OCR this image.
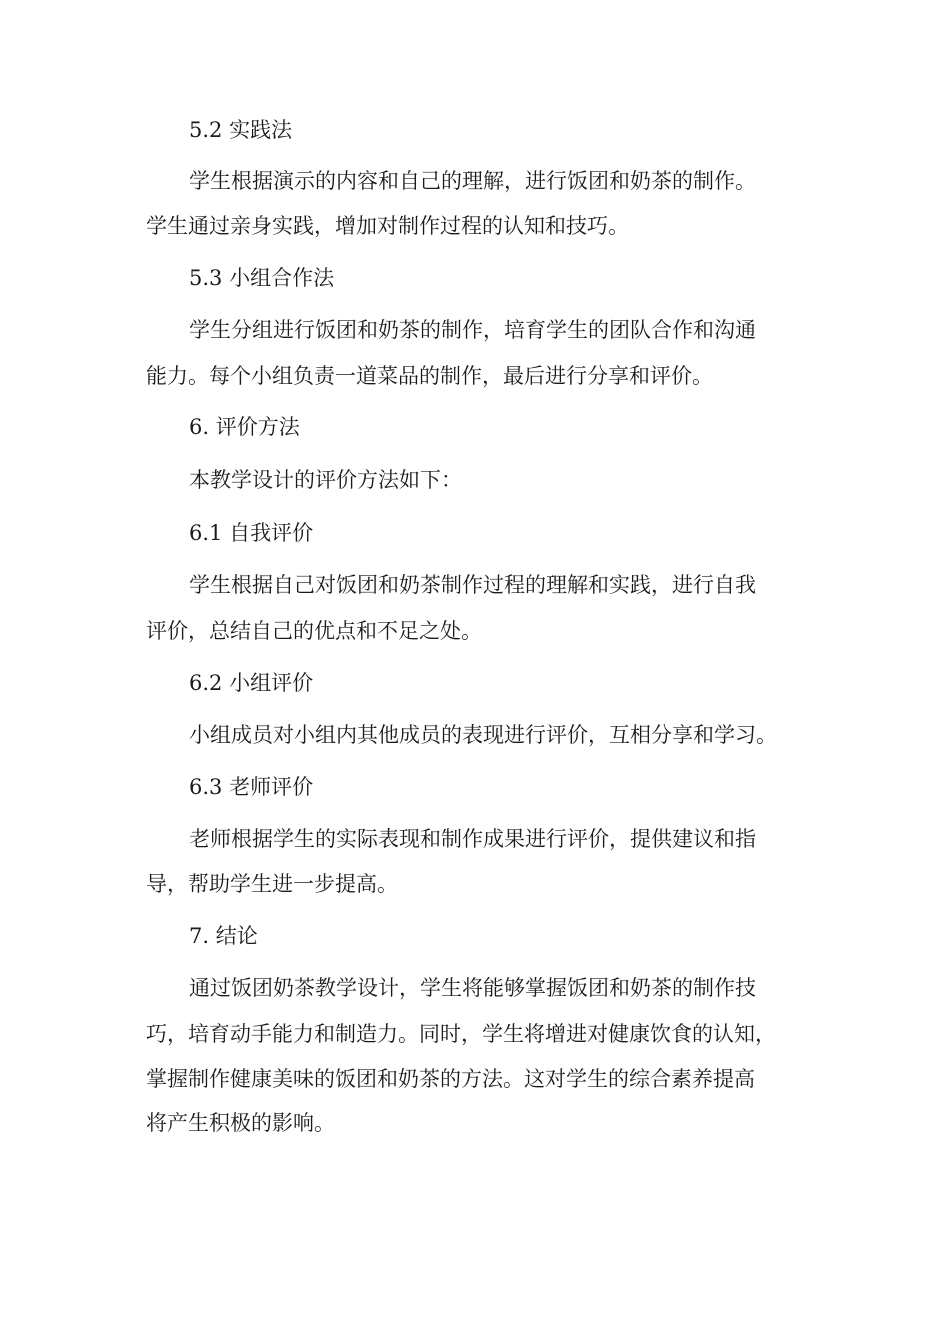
5.2 实践法
学生根据演示的内容和自己的理解，进行饭团和奶茶的制作。
学生通过亲身实践，增加对制作过程的认知和技巧。
5.3 小组合作法
学生分组进行饭团和奶茶的制作，培育学生的团队合作和沟通
能力。每个小组负责一道菜品的制作，最后进行分享和评价。
6. 评价方法
本教学设计的评价方法如下：
6.1 自我评价
学生根据自己对饭团和奶茶制作过程的理解和实践，进行自我
评价，总结自己的优点和不足之处。
6.2 小组评价
小组成员对小组内其他成员的表现进行评价，互相分享和学习。
6.3 老师评价
老师根据学生的实际表现和制作成果进行评价，提供建议和指
导，帮助学生进一步提高。
7. 结论
通过饭团奶茶教学设计，学生将能够掌握饭团和奶茶的制作技
巧，培育动手能力和制造力。同时，学生将增进对健康饮食的认知，
掌握制作健康美味的饭团和奶茶的方法。这对学生的综合素养提高
将产生积极的影响。
